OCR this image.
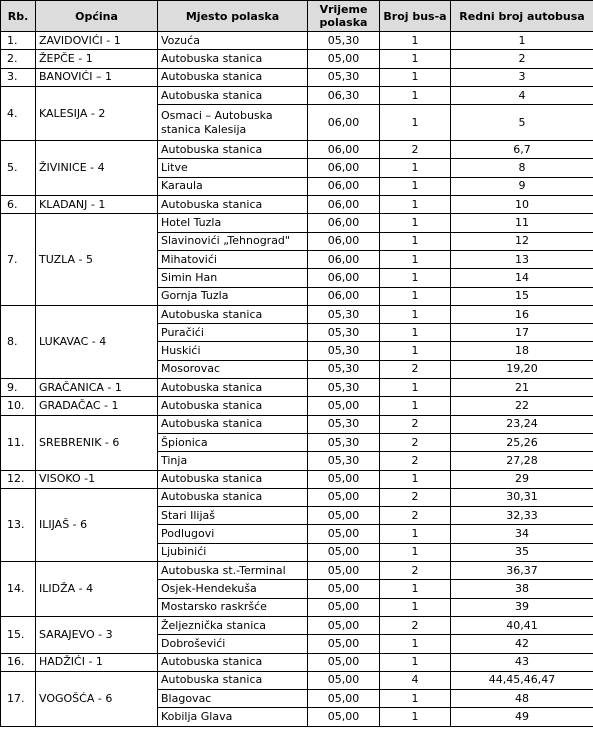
Rb.	Općina	Mjesto polaska	Vrijeme polaska	Broj bus-a	Redni broj autobusa
1.	ZAVIDOVIĆI - 1	Vozuća	05,30	1	1
2.	ŽEPČE - 1	Autobuska stanica	05,00	1	2
3.	BANOVIĆI – 1	Autobuska stanica	05,30	1	3
4.	KALESIJA - 2	Autobuska stanica	06,30	1	4
		Osmaci – Autobuska stanica Kalesija	06,00	1	5
5.	ŽIVINICE - 4	Autobuska stanica	06,00	2	6,7
		Litve	06,00	1	8
		Karaula	06,00	1	9
6.	KLADANJ - 1	Autobuska stanica	06,00	1	10
7.	TUZLA - 5	Hotel Tuzla	06,00	1	11
		Slavinovići „Tehnograd"	06,00	1	12
		Mihatovići	06,00	1	13
		Simin Han	06,00	1	14
		Gornja Tuzla	06,00	1	15
8.	LUKAVAC - 4	Autobuska stanica	05,30	1	16
		Puračići	05,30	1	17
		Huskići	05,30	1	18
		Mosorovac	05,30	2	19,20
9.	GRAČANICA - 1	Autobuska stanica	05,30	1	21
10.	GRADAČAC - 1	Autobuska stanica	05,00	1	22
11.	SREBRENIK - 6	Autobuska stanica	05,30	2	23,24
		Špionica	05,30	2	25,26
		Tinja	05,30	2	27,28
12.	VISOKO -1	Autobuska stanica	05,00	1	29
13.	ILIJAŠ - 6	Autobuska stanica	05,00	2	30,31
		Stari Ilijaš	05,00	2	32,33
		Podlugovi	05,00	1	34
		Ljubinići	05,00	1	35
14.	ILIDŽA - 4	Autobuska st.-Terminal	05,00	2	36,37
		Osjek-Hendekuša	05,00	1	38
		Mostarsko raskršće	05,00	1	39
15.	SARAJEVO - 3	Željeznička stanica	05,00	2	40,41
		Dobroševići	05,00	1	42
16.	HADŽIĆI - 1	Autobuska stanica	05,00	1	43
17.	VOGOŠĆA - 6	Autobuska stanica	05,00	4	44,45,46,47
		Blagovac	05,00	1	48
		Kobilja Glava	05,00	1	49
